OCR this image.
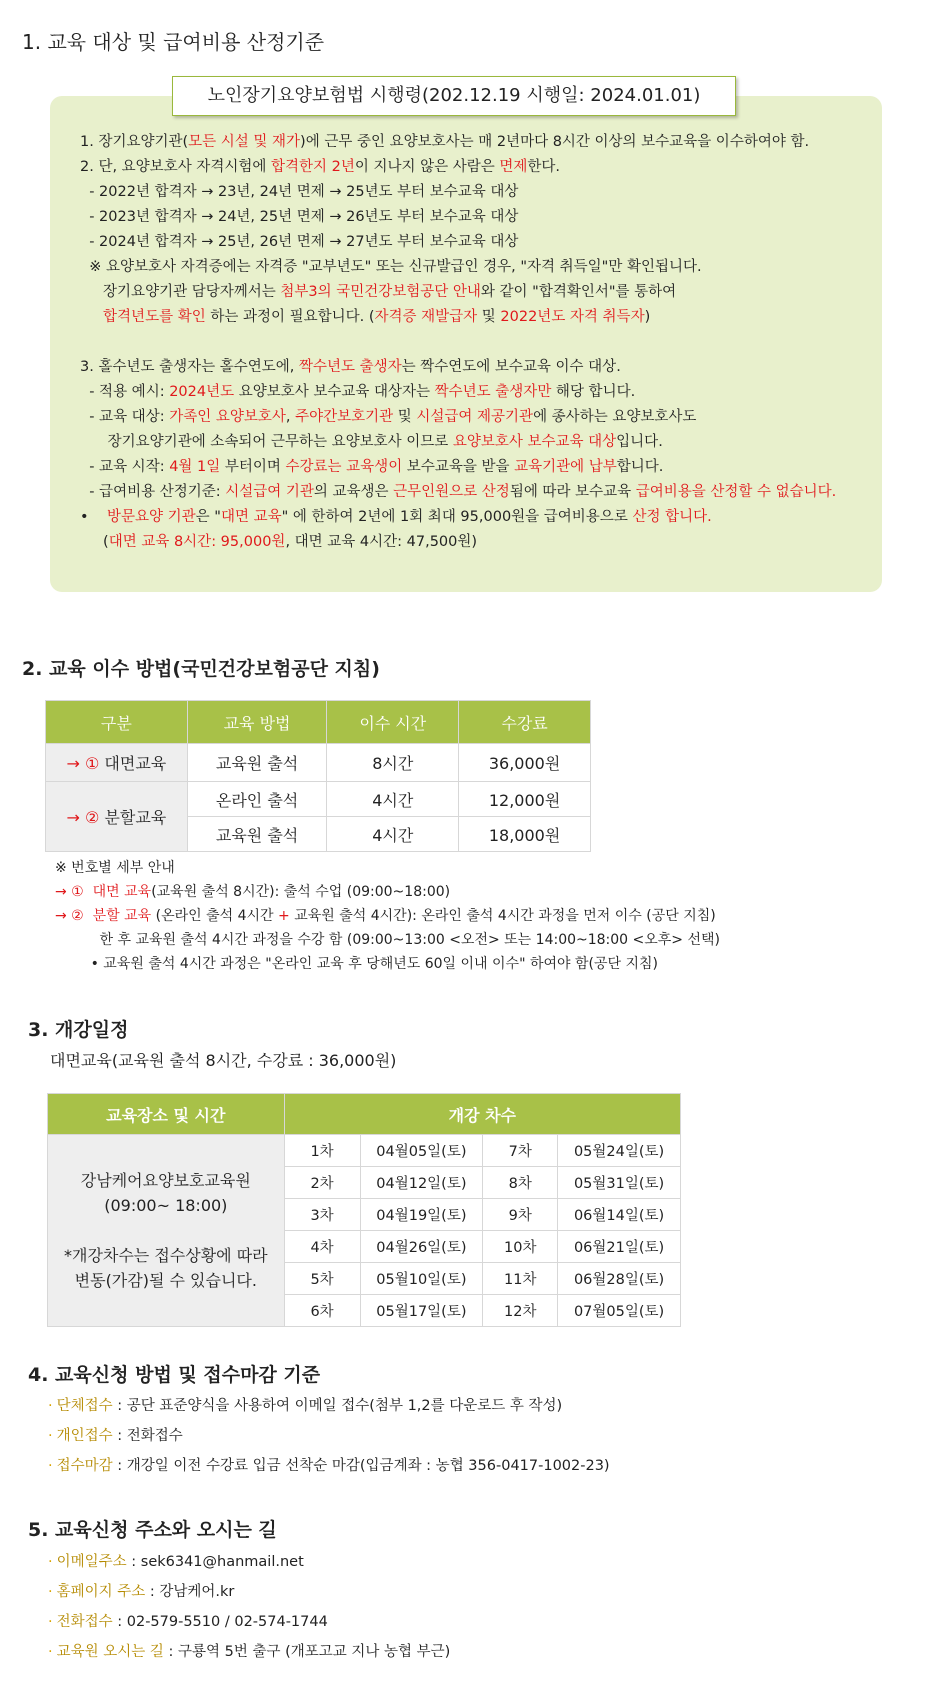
1. 교육 대상 및 급여비용 산정기준
노인장기요양보험법 시행령(202.12.19 시행일: 2024.01.01)
1. 장기요양기관(모든 시설 및 재가)에 근무 중인 요양보호사는 매 2년마다 8시간 이상의 보수교육을 이수하여야 함.
2. 단, 요양보호사 자격시험에 합격한지 2년이 지나지 않은 사람은 면제한다.
- 2022년 합격자 → 23년, 24년 면제 → 25년도 부터 보수교육 대상
- 2023년 합격자 → 24년, 25년 면제 → 26년도 부터 보수교육 대상
- 2024년 합격자 → 25년, 26년 면제 → 27년도 부터 보수교육 대상
※ 요양보호사 자격증에는 자격증 "교부년도" 또는 신규발급인 경우, "자격 취득일"만 확인됩니다.
장기요양기관 담당자께서는 첨부3의 국민건강보험공단 안내와 같이 "합격확인서"를 통하여
합격년도를 확인 하는 과정이 필요합니다. (자격증 재발급자 및 2022년도 자격 취득자)
3. 홀수년도 출생자는 홀수연도에, 짝수년도 출생자는 짝수연도에 보수교육 이수 대상.
- 적용 예시: 2024년도 요양보호사 보수교육 대상자는 짝수년도 출생자만 해당 합니다.
- 교육 대상: 가족인 요양보호사, 주야간보호기관 및 시설급여 제공기관에 종사하는 요양보호사도
장기요양기관에 소속되어 근무하는 요양보호사 이므로 요양보호사 보수교육 대상입니다.
- 교육 시작: 4월 1일 부터이며 수강료는 교육생이 보수교육을 받을 교육기관에 납부합니다.
- 급여비용 산정기준: 시설급여 기관의 교육생은 근무인원으로 산정됨에 따라 보수교육 급여비용을 산정할 수 없습니다.
•    방문요양 기관은 "대면 교육" 에 한하여 2년에 1회 최대 95,000원을 급여비용으로 산정 합니다.
(대면 교육 8시간: 95,000원, 대면 교육 4시간: 47,500원)
2. 교육 이수 방법(국민건강보험공단 지침)
구분	교육 방법	이수 시간	수강료
→ ① 대면교육	교육원 출석	8시간	36,000원
→ ② 분할교육	온라인 출석	4시간	12,000원
	교육원 출석	4시간	18,000원
※ 번호별 세부 안내
→ ①  대면 교육(교육원 출석 8시간): 출석 수업 (09:00~18:00)
→ ②  분할 교육 (온라인 출석 4시간 + 교육원 출석 4시간): 온라인 출석 4시간 과정을 먼저 이수 (공단 지침)
한 후 교육원 출석 4시간 과정을 수강 함 (09:00~13:00 <오전> 또는 14:00~18:00 <오후> 선택)
• 교육원 출석 4시간 과정은 "온라인 교육 후 당해년도 60일 이내 이수" 하여야 함(공단 지침)
3. 개강일정
대면교육(교육원 출석 8시간, 수강료 : 36,000원)
교육장소 및 시간	개강 차수			

강남케어요양보호교육원
(09:00~ 18:00)
*개강차수는 접수상황에 따라
변동(가감)될 수 있습니다.	1차	04월05일(토)	7차	05월24일(토)
	2차	04월12일(토)	8차	05월31일(토)
	3차	04월19일(토)	9차	06월14일(토)
	4차	04월26일(토)	10차	06월21일(토)
	5차	05월10일(토)	11차	06월28일(토)
	6차	05월17일(토)	12차	07월05일(토)
4. 교육신청 방법 및 접수마감 기준
· 단체접수 : 공단 표준양식을 사용하여 이메일 접수(첨부 1,2를 다운로드 후 작성)
· 개인접수 : 전화접수
· 접수마감 : 개강일 이전 수강료 입금 선착순 마감(입금계좌 : 농협 356-0417-1002-23)
5. 교육신청 주소와 오시는 길
· 이메일주소 : sek6341@hanmail.net
· 홈페이지 주소 : 강남케어.kr
· 전화접수 : 02-579-5510 / 02-574-1744
· 교육원 오시는 길 : 구룡역 5번 출구 (개포고교 지나 농협 부근)
